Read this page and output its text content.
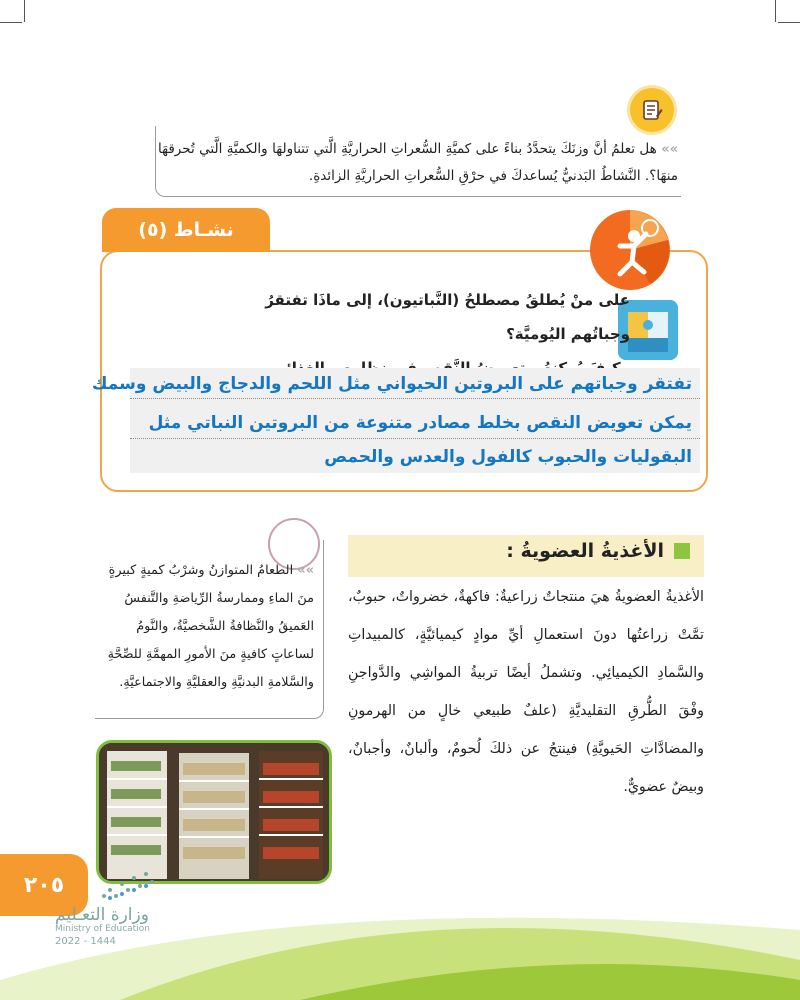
»» هل تعلمُ أنَّ وزنَكَ يتحدَّدُ بناءً على كميَّةِ السُّعراتِ الحراريَّةِ الَّتي تتناولهَا والكميَّةِ الَّتي تُحرقهَا منهَا؟. النَّشاطُ البَدنيُّ يُساعدكَ في حرْقِ السُّعراتِ الحراريَّةِ الزائدةِ.
نشـاط (٥)
على منْ يُطلقُ مصطلحُ (النَّباتيون)، إلى ماذَا تفتقرُ وجباتُهم اليُوميَّة؟
تفتقر وجباتهم على البروتين الحيواني مثل اللحم والدجاج والبيض وسمك
يمكن تعويض النقص بخلط مصادر متنوعة من البروتين النباتي مثل
البقوليات والحبوب كالفول والعدس والحمص
»» الطعامُ المتوازنُ وشرْبُ كميةٍ كبيرةٍ منَ الماءِ وممارسةُ الرِّياضةِ والتَّنفسُ العَميقُ والنَّظافةُ الشَّخصيَّةُ، والنَّومُ لساعاتٍ كافيةٍ منَ الأمورِ المهمَّةِ للصِّحَّةِ والسَّلامةِ البدنيَّةِ والعقليَّةِ والاجتماعيَّةِ.
الأغذيةُ العضويةُ :
الأغذيةُ العضويةُ هيَ منتجاتٌ زراعيةٌ: فاكهةٌ، خضرواتٌ، حبوبٌ، تمَّتْ زراعتُها دونَ استعمالِ أيِّ موادٍ كيميائيَّةٍ، كالمبيداتِ والسَّمادِ الكيميائِي. وتشملُ أيضًا تربيةُ المواشِي والدَّواجنِ وفْقَ الطُّرقِ التقليديَّةِ (علفٌ طبيعي خالٍ من الهرمونِ والمضادَّاتِ الحَيويَّةِ) فينتجُ عن ذلكَ لُحومٌ، وألبانٌ، وأجبانٌ، وبيضٌ عضويٌّ.
٢٠٥
وزارة التعـليم
Ministry of Education
2022 - 1444
